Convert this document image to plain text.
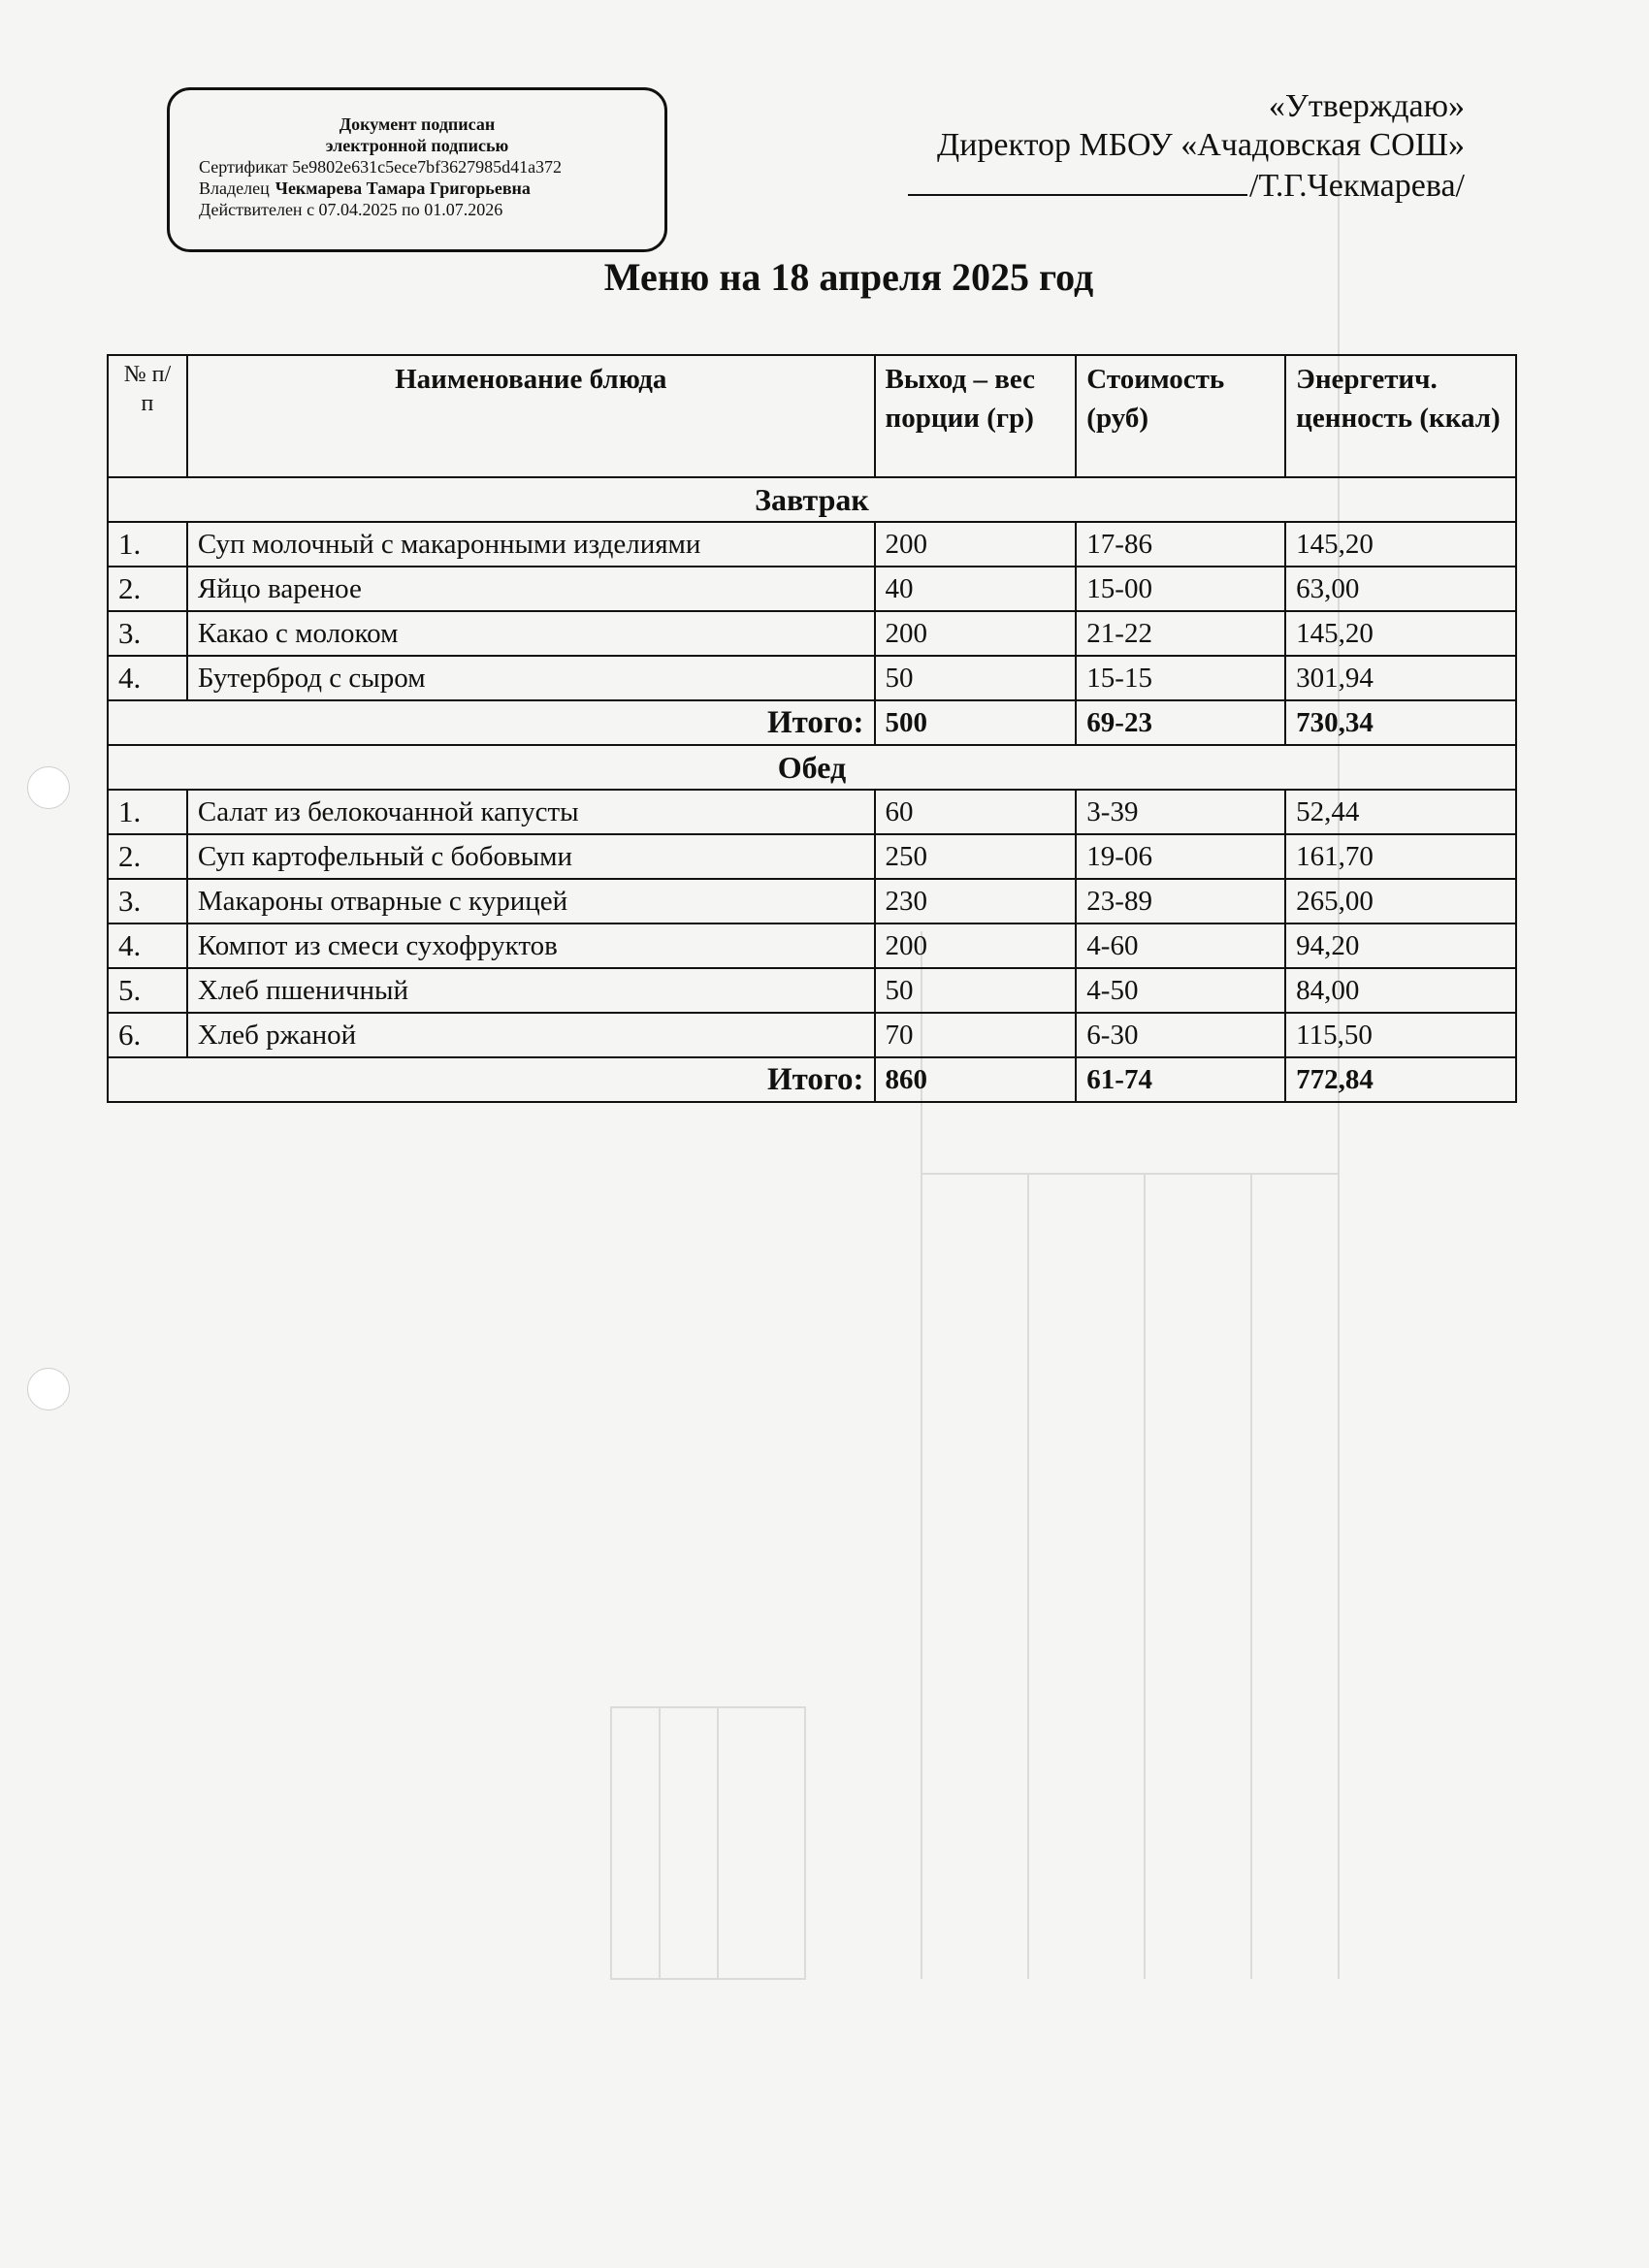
Документ подписан
электронной подписью
Сертификат 5e9802e631c5ece7bf3627985d41a372
Владелец Чекмарева Тамара Григорьевна
Действителен с 07.04.2025 по 01.07.2026
«Утверждаю»
Директор МБОУ «Ачадовская СОШ»
/Т.Г.Чекмарева/
Меню на 18 апреля 2025 год
№ п/п	Наименование блюда	Выход – вес порции (гр)	Стоимость (руб)	Энергетич. ценность (ккал)
Завтрак				
1.	Суп молочный с макаронными изделиями	200	17-86	145,20
2.	Яйцо вареное	40	15-00	63,00
3.	Какао с молоком	200	21-22	145,20
4.	Бутерброд с сыром	50	15-15	301,94
Итого:		500	69-23	730,34
Обед				
1.	Салат из белокочанной капусты	60	3-39	52,44
2.	Суп картофельный с бобовыми	250	19-06	161,70
3.	Макароны отварные с курицей	230	23-89	265,00
4.	Компот из смеси сухофруктов	200	4-60	94,20
5.	Хлеб пшеничный	50	4-50	84,00
6.	Хлеб ржаной	70	6-30	115,50
Итого:		860	61-74	772,84
